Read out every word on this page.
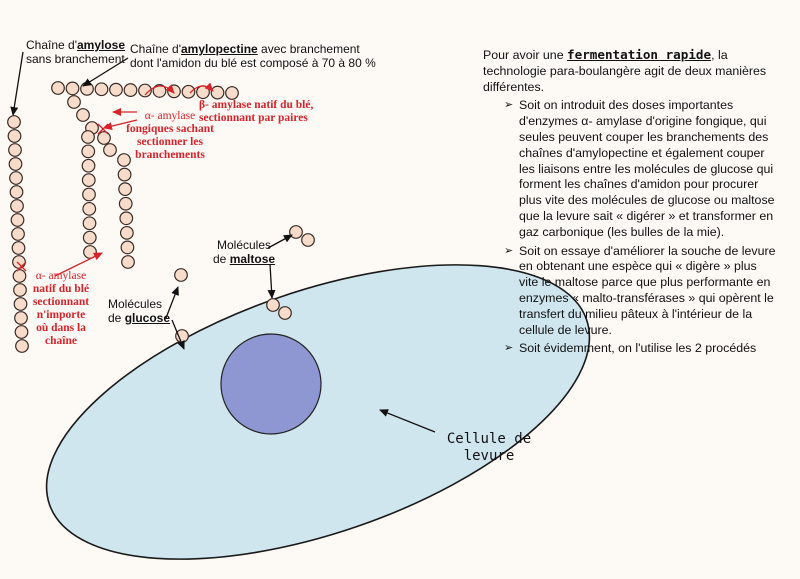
Chaîne d'amylose
sans branchement
Chaîne d'amylopectine avec branchement
dont l'amidon du blé est composé à 70 à 80 %
β- amylase natif du blé,
sectionnant par paires
α- amylase
fongiques sachant
sectionner les
branchements
α- amylase
natif du blé
sectionnant
n'importe
où dans la
chaîne
Molécules
de maltose
Molécules
de glucose
Cellule de
levure
Pour avoir une fermentation rapide, la technologie para-boulangère agit de deux manières différentes.
➢ Soit on introduit des doses importantes d'enzymes α- amylase d'origine fongique, qui seules peuvent couper les branchements des chaînes d'amylopectine et également couper les liaisons entre les molécules de glucose qui forment les chaînes d'amidon pour procurer plus vite des molécules de glucose ou maltose que la levure sait « digérer » et transformer en gaz carbonique (les bulles de la mie).
➢ Soit on essaye d'améliorer la souche de levure en obtenant une espèce qui « digère » plus vite le maltose parce que plus performante en enzymes « malto-transférases » qui opèrent le transfert du milieu pâteux à l'intérieur de la cellule de levure.
➢ Soit évidemment, on l'utilise les 2 procédés
